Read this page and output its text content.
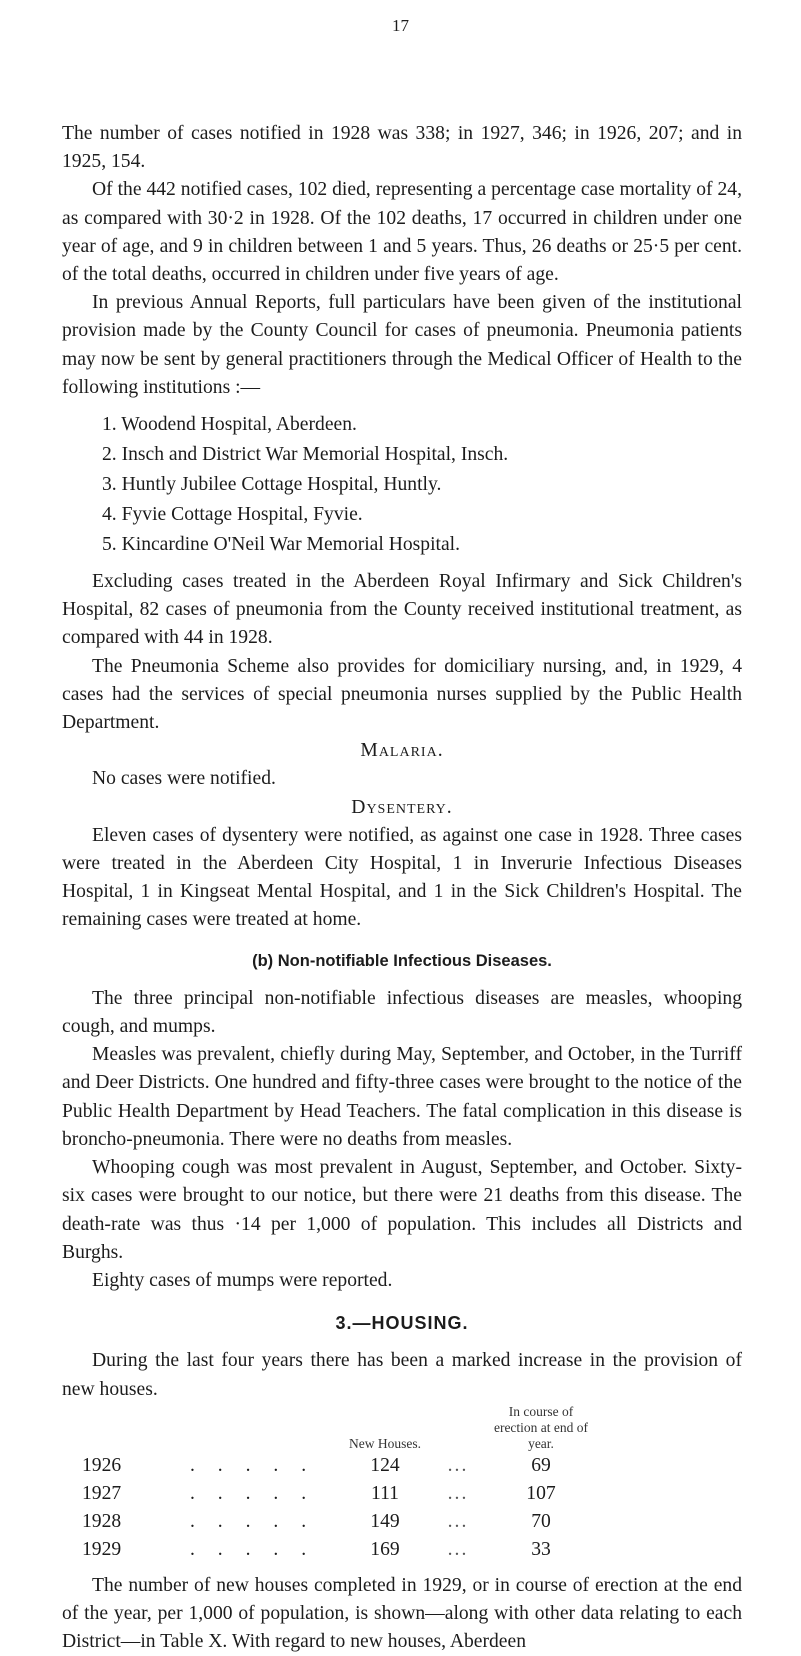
17

The number of cases notified in 1928 was 338; in 1927, 346; in 1926, 207; and in 1925, 154.

Of the 442 notified cases, 102 died, representing a percentage case mortality of 24, as compared with 30·2 in 1928. Of the 102 deaths, 17 occurred in children under one year of age, and 9 in children between 1 and 5 years. Thus, 26 deaths or 25·5 per cent. of the total deaths, occurred in children under five years of age.

In previous Annual Reports, full particulars have been given of the institutional provision made by the County Council for cases of pneumonia. Pneumonia patients may now be sent by general practitioners through the Medical Officer of Health to the following institutions :—

1. Woodend Hospital, Aberdeen.
2. Insch and District War Memorial Hospital, Insch.
3. Huntly Jubilee Cottage Hospital, Huntly.
4. Fyvie Cottage Hospital, Fyvie.
5. Kincardine O'Neil War Memorial Hospital.

Excluding cases treated in the Aberdeen Royal Infirmary and Sick Children's Hospital, 82 cases of pneumonia from the County received institutional treatment, as compared with 44 in 1928.

The Pneumonia Scheme also provides for domiciliary nursing, and, in 1929, 4 cases had the services of special pneumonia nurses supplied by the Public Health Department.

Malaria.

No cases were notified.

Dysentery.

Eleven cases of dysentery were notified, as against one case in 1928. Three cases were treated in the Aberdeen City Hospital, 1 in Inverurie Infectious Diseases Hospital, 1 in Kingseat Mental Hospital, and 1 in the Sick Children's Hospital. The remaining cases were treated at home.

(b) Non-notifiable Infectious Diseases.

The three principal non-notifiable infectious diseases are measles, whooping cough, and mumps.

Measles was prevalent, chiefly during May, September, and October, in the Turriff and Deer Districts. One hundred and fifty-three cases were brought to the notice of the Public Health Department by Head Teachers. The fatal complication in this disease is broncho-pneumonia. There were no deaths from measles.

Whooping cough was most prevalent in August, September, and October. Sixty-six cases were brought to our notice, but there were 21 deaths from this disease. The death-rate was thus ·14 per 1,000 of population. This includes all Districts and Burghs.

Eighty cases of mumps were reported.

3.—HOUSING.

During the last four years there has been a marked increase in the provision of new houses.

		New Houses.		In course of erection at end of year.
1926	. . . . .	124	...	69
1927	. . . . .	111	...	107
1928	. . . . .	149	...	70
1929	. . . . .	169	...	33

The number of new houses completed in 1929, or in course of erection at the end of the year, per 1,000 of population, is shown—along with other data relating to each District—in Table X. With regard to new houses, Aberdeen
